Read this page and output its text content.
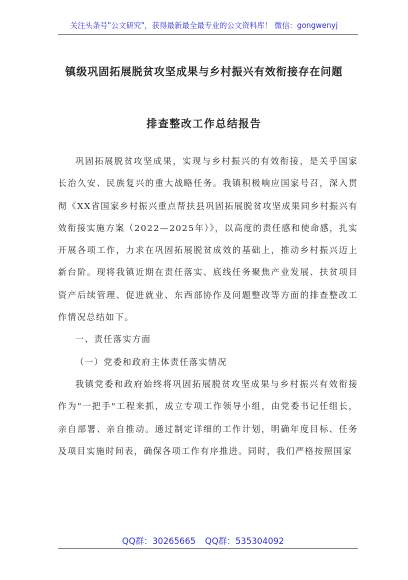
关注头条号"公文研究"，获得最新最全最专业的公文资料库！ 微信：gongwenyj
镇级巩固拓展脱贫攻坚成果与乡村振兴有效衔接存在问题
排查整改工作总结报告

巩固拓展脱贫攻坚成果，实现与乡村振兴的有效衔接，是关乎国家长治久安、民族复兴的重大战略任务。我镇积极响应国家号召，深入贯彻《XX省国家乡村振兴重点帮扶县巩固拓展脱贫攻坚成果同乡村振兴有效衔接实施方案（2022—2025年）》，以高度的责任感和使命感，扎实开展各项工作，力求在巩固拓展脱贫成效的基础上，推动乡村振兴迈上新台阶。现将我镇近期在责任落实、底线任务聚焦产业发展、扶贫项目资产后续管理、促进就业、东西部协作及问题整改等方面的排查整改工作情况总结如下。

一、责任落实方面

（一）党委和政府主体责任落实情况

我镇党委和政府始终将巩固拓展脱贫攻坚成果与乡村振兴有效衔接作为"一把手"工程来抓，成立专项工作领导小组，由党委书记任组长，亲自部署、亲自推动。通过制定详细的工作计划，明确年度目标、任务及项目实施时间表，确保各项工作有序推进。同时，我们严格按照国家

QQ群：30265665 QQ群：535304092
